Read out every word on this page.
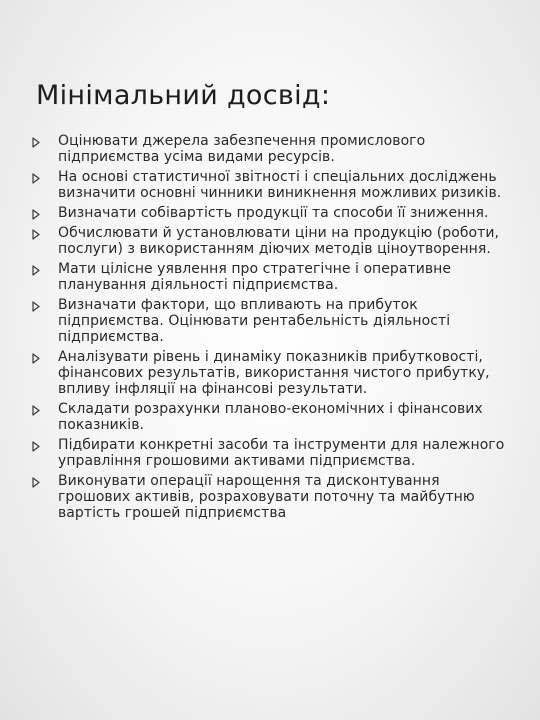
Мінімальний досвід:
Оцінювати джерела забезпечення промислового підприємства усіма видами ресурсів.
На основі статистичної звітності і спеціальних досліджень визначити основні чинники виникнення можливих ризиків.
Визначати собівартість продукції та способи її зниження.
Обчислювати й установлювати ціни на продукцію (роботи, послуги) з використанням діючих методів ціноутворення.
Мати цілісне уявлення про стратегічне і оперативне планування діяльності підприємства.
Визначати фактори, що впливають на прибуток підприємства. Оцінювати рентабельність діяльності підприємства.
Аналізувати рівень і динаміку показників прибутковості, фінансових результатів, використання чистого прибутку, впливу інфляції на фінансові результати.
Складати розрахунки планово-економічних і фінансових показників.
Підбирати конкретні засоби та інструменти для належного управління грошовими активами підприємства.
Виконувати операції нарощення та дисконтування грошових активів, розраховувати поточну та майбутню вартість грошей підприємства
